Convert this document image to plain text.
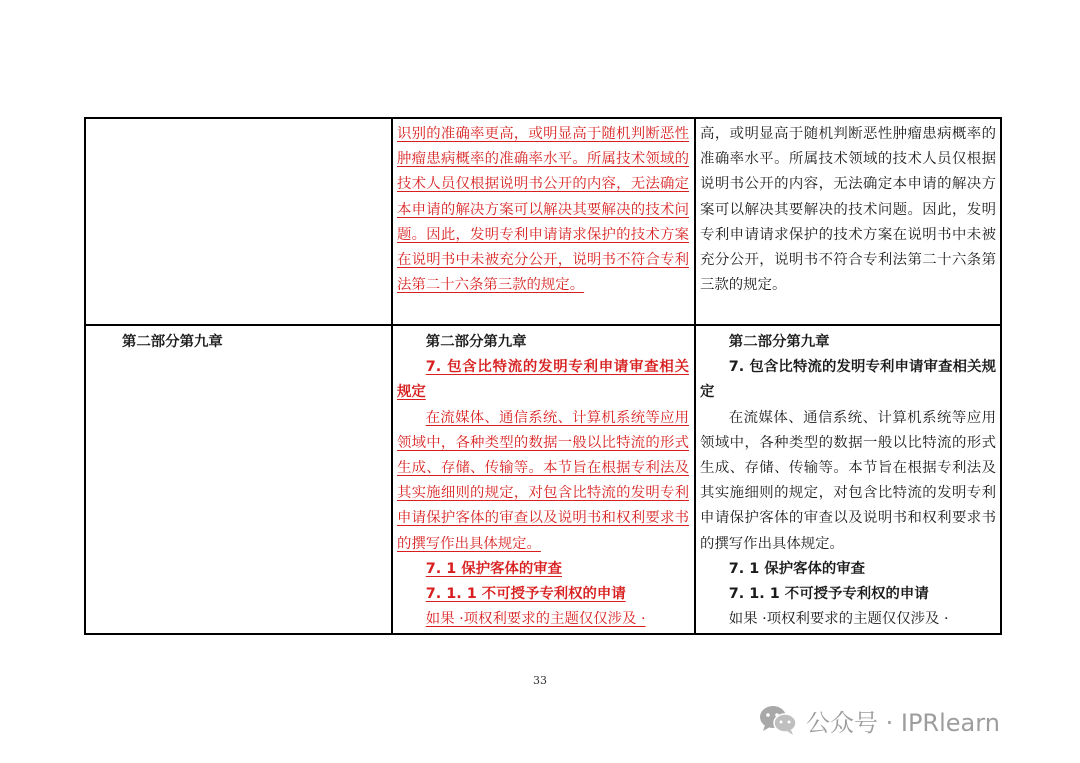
识别的准确率更高，或明显高于随机判断恶性肿瘤患病概率的准确率水平。所属技术领域的技术人员仅根据说明书公开的内容，无法确定本申请的解决方案可以解决其要解决的技术问题。因此，发明专利申请请求保护的技术方案在说明书中未被充分公开，说明书不符合专利法第二十六条第三款的规定。

高，或明显高于随机判断恶性肿瘤患病概率的准确率水平。所属技术领域的技术人员仅根据说明书公开的内容，无法确定本申请的解决方案可以解决其要解决的技术问题。因此，发明专利申请请求保护的技术方案在说明书中未被充分公开，说明书不符合专利法第二十六条第三款的规定。

第二部分第九章	第二部分第九章

7. 包含比特流的发明专利申请审查相关规定

在流媒体、通信系统、计算机系统等应用领域中，各种类型的数据一般以比特流的形式生成、存储、传输等。本节旨在根据专利法及其实施细则的规定，对包含比特流的发明专利申请保护客体的审查以及说明书和权利要求书的撰写作出具体规定。

7. 1 保护客体的审查

7. 1. 1 不可授予专利权的申请

如果 ·项权利要求的主题仅仅涉及 ·

第二部分第九章

7. 包含比特流的发明专利申请审查相关规定

在流媒体、通信系统、计算机系统等应用领域中，各种类型的数据一般以比特流的形式生成、存储、传输等。本节旨在根据专利法及其实施细则的规定，对包含比特流的发明专利申请保护客体的审查以及说明书和权利要求书的撰写作出具体规定。

7. 1 保护客体的审查

7. 1. 1 不可授予专利权的申请

如果 ·项权利要求的主题仅仅涉及 ·

33
公众号 · IPRlearn
